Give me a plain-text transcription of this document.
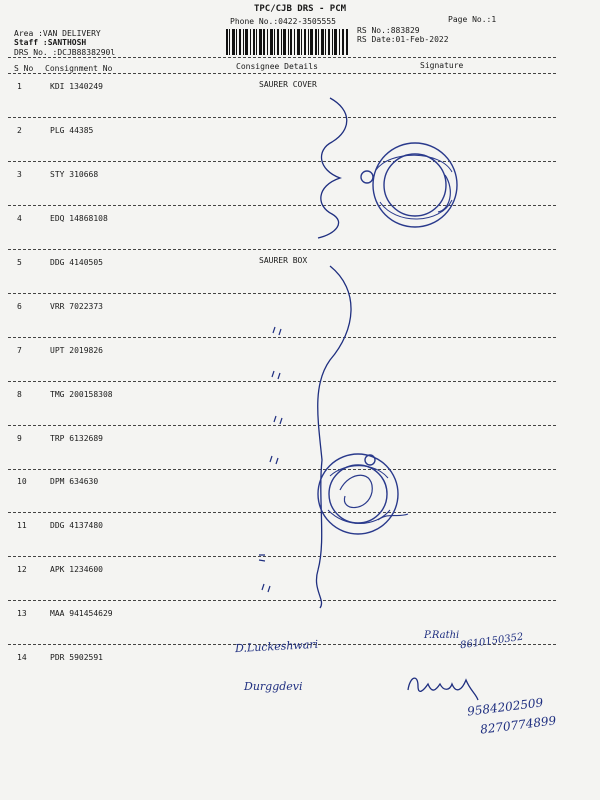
TPC/CJB DRS - PCM
Phone No.:0422-3505555	Page No.:1
Area :VAN DELIVERY
Staff :SANTHOSH
DRS No. :DCJB8838290l
RS No.:883829
RS Date:01-Feb-2022
S No Consignment No	Consignee Details	Signature
1	KDI 1340249	SAURER COVER
2	PLG 44385
3	STY 310668
4	EDQ 14868108
5	DDG 4140505	SAURER BOX
6	VRR 7022373
7	UPT 2019826
8	TMG 200158308
9	TRP 6132689
10	DPM 634630
11	DDG 4137480
12	APK 1234600
13	MAA 941454629
14	PDR 5902591
D.Luckeshwari
P.Rathi 8610150352
Durggdevi
9584202509
8270774899
